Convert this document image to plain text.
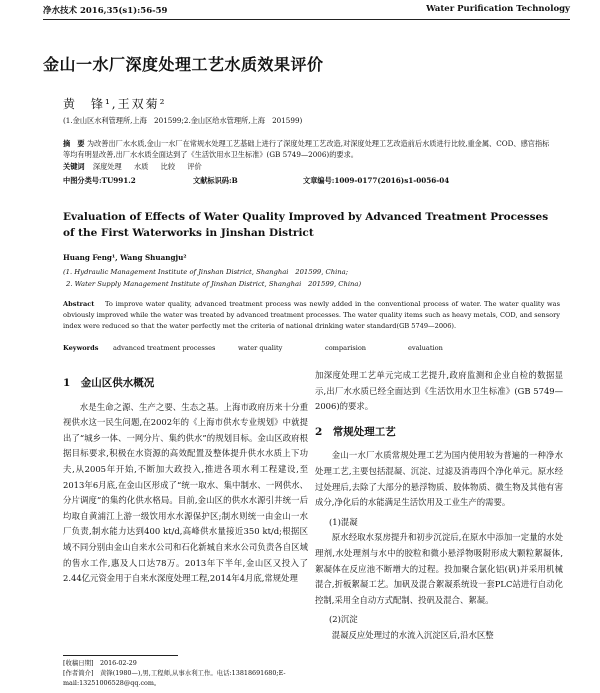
净水技术 2016,35(s1):56-59	Water Purification Technology
金山一水厂深度处理工艺水质效果评价
黄　锋¹,王双菊²
(1.金山区水利管理所,上海　201599;2.金山区给水管理所,上海　201599)
摘　要 为改善出厂水水质,金山一水厂在常规水处理工艺基础上进行了深度处理工艺改造,对深度处理工艺改造前后水质进行比较,重金属、COD、感官指标等均有明显改善,出厂水水质全面达到了《生活饮用水卫生标准》(GB 5749—2006)的要求。
关键词 深度处理 水质 比较 评价
中图分类号:TU991.2	文献标识码:B	文章编号:1009-0177(2016)s1-0056-04
Evaluation of Effects of Water Quality Improved by Advanced Treatment Processes of the First Waterworks in Jinshan District
Huang Feng¹, Wang Shuangju²
(1. Hydraulic Management Institute of Jinshan District, Shanghai　201599, China;
2. Water Supply Management Institute of Jinshan District, Shanghai　201599, China)
Abstract To improve water quality, advanced treatment process was newly added in the conventional process of water. The water quality was obviously improved while the water was treated by advanced treatment processes. The water quality items such as heavy metals, COD, and sensory index were reduced so that the water perfectly met the criteria of national drinking water standard(GB 5749—2006).
Keywords advanced treatment processes	water quality	comparision	evaluation
1　金山区供水概况

水是生命之源、生产之要、生态之基。上海市政府历来十分重视供水这一民生问题,在2002年的《上海市供水专业规划》中就提出了“城乡一体、一网分片、集约供水”的规划目标。金山区政府根据目标要求,积极在水资源的高效配置及整体提升供水水质上下功夫,从2005年开始,不断加大政投入,推进各项水利工程建设,至2013年6月底,在金山区形成了“统一取水、集中制水、一网供水、分片调度”的集约化供水格局。目前,金山区的供水水源引井统一后均取自黄浦江上游一级饮用水水源保护区;制水则统一由金山一水厂负责,制水能力达到400 kt/d,高峰供水量接近350 kt/d;根据区域不同分别由金山自来水公司和石化新城自来水公司负责各自区域的售水工作,惠及人口达78万。2013年下半年,金山区又投入了2.44亿元资金用于自来水深度处理工程,2014年4月底,常规处理

加深度处理工艺单元完成工艺提升,政府监测和企业自检的数据显示,出厂水水质已经全面达到《生活饮用水卫生标准》(GB 5749—2006)的要求。

2　常规处理工艺

金山一水厂水质常规处理工艺为国内使用较为普遍的一种净水处理工艺,主要包括混凝、沉淀、过滤及消毒四个净化单元。原水经过处理后,去除了大部分的悬浮物质、胶体物质、微生物及其他有害成分,净化后的水能满足生活饮用及工业生产的需要。

(1)混凝

原水经取水泵房提升和初步沉淀后,在原水中添加一定量的水处理剂,水处理剂与水中的胶粒和微小悬浮物吸附形成大颗粒絮凝体,絮凝体在反应池不断增大的过程。投加聚合氯化铝(矾)并采用机械混合,折板絮凝工艺。加矾及混合絮凝系统设一套PLC站进行自动化控制,采用全自动方式配制、投矾及混合、絮凝。

(2)沉淀

混凝反应处理过的水流入沉淀区后,沿水区整

[收稿日期]　2016-02-29
[作者简介]　黄锋(1980—),男,工程师,从事水利工作。电话:13818691680;E-mail:13251006528@qq.com。
